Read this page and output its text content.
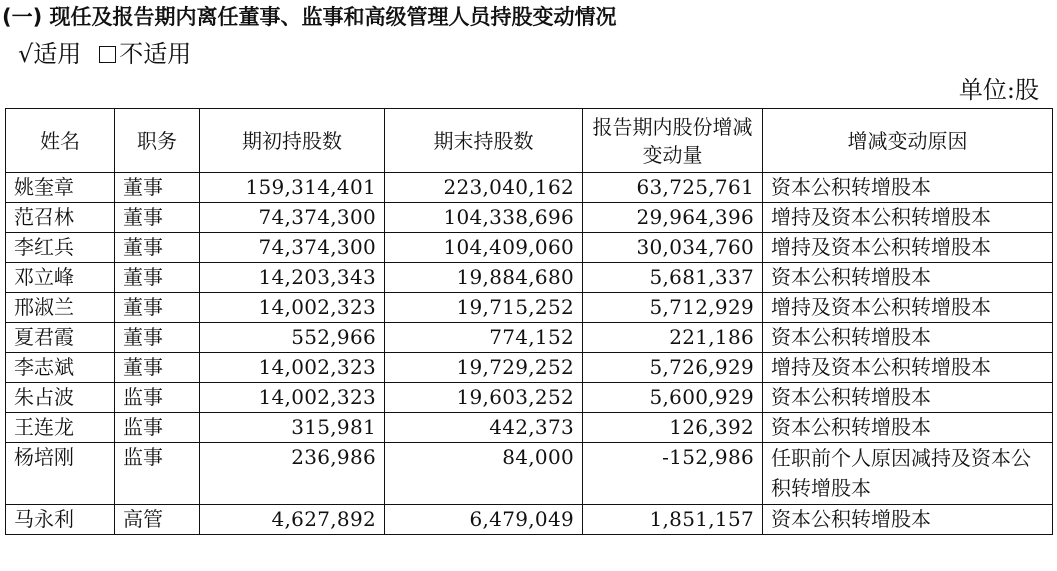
(一) 现任及报告期内离任董事、监事和高级管理人员持股变动情况
√适用 不适用
单位:股
姓名	职务	期初持股数	期末持股数	报告期内股份增减变动量	增减变动原因
姚奎章	董事	159,314,401	223,040,162	63,725,761	资本公积转增股本
范召林	董事	74,374,300	104,338,696	29,964,396	增持及资本公积转增股本
李红兵	董事	74,374,300	104,409,060	30,034,760	增持及资本公积转增股本
邓立峰	董事	14,203,343	19,884,680	5,681,337	资本公积转增股本
邢淑兰	董事	14,002,323	19,715,252	5,712,929	增持及资本公积转增股本
夏君霞	董事	552,966	774,152	221,186	资本公积转增股本
李志斌	董事	14,002,323	19,729,252	5,726,929	增持及资本公积转增股本
朱占波	监事	14,002,323	19,603,252	5,600,929	资本公积转增股本
王连龙	监事	315,981	442,373	126,392	资本公积转增股本
杨培刚	监事	236,986	84,000	-152,986	任职前个人原因减持及资本公积转增股本
马永利	高管	4,627,892	6,479,049	1,851,157	资本公积转增股本
